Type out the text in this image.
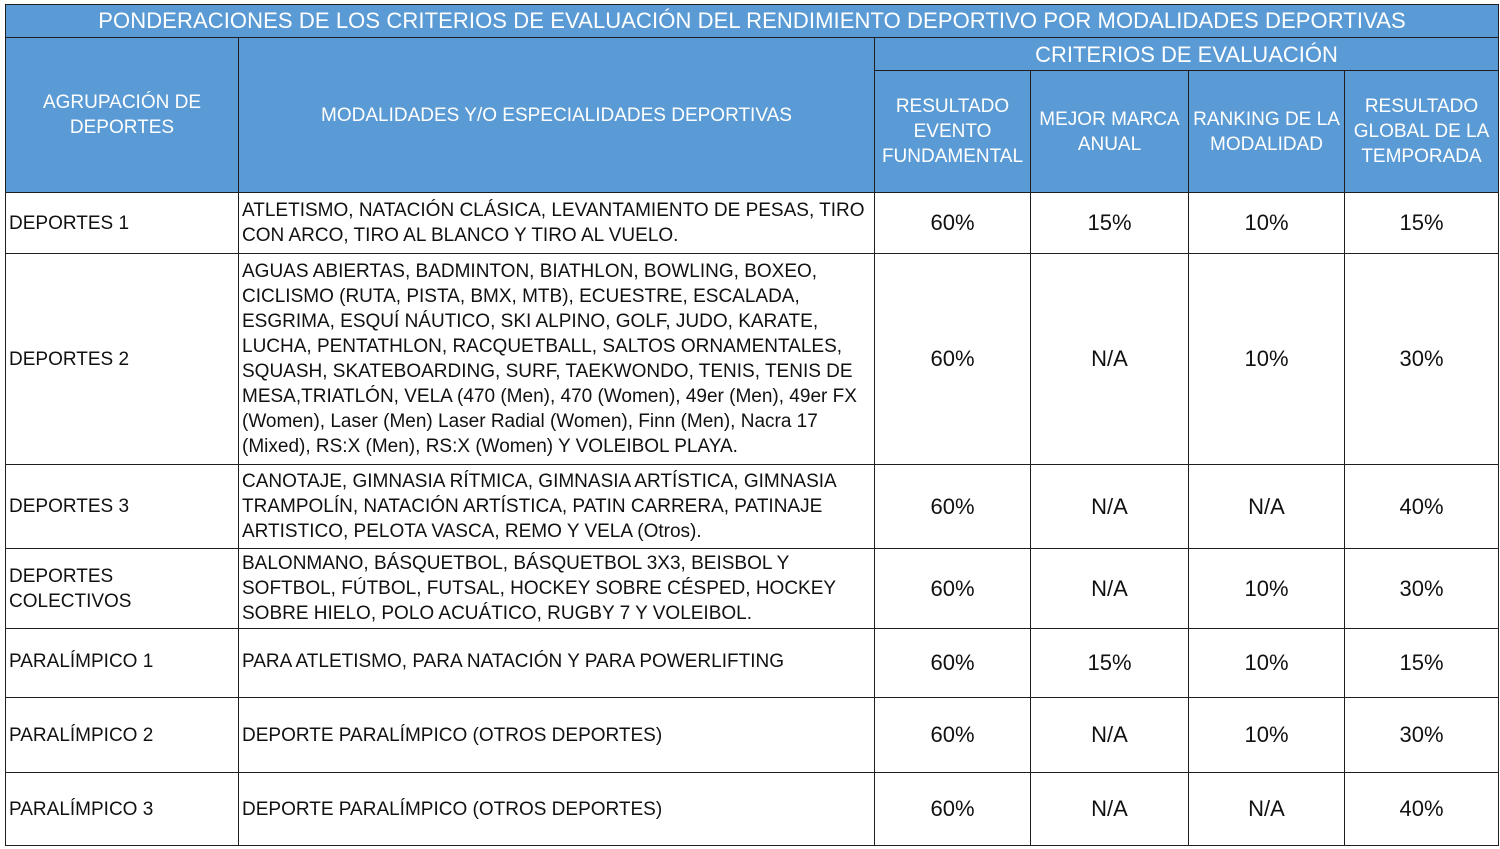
PONDERACIONES DE LOS CRITERIOS DE EVALUACIÓN DEL RENDIMIENTO DEPORTIVO POR MODALIDADES DEPORTIVAS					
AGRUPACIÓN DE DEPORTES	MODALIDADES Y/O ESPECIALIDADES DEPORTIVAS	CRITERIOS DE EVALUACIÓN			
		RESULTADO EVENTO FUNDAMENTAL	MEJOR MARCA ANUAL	RANKING DE LA MODALIDAD	RESULTADO GLOBAL DE LA TEMPORADA
DEPORTES 1	ATLETISMO, NATACIÓN CLÁSICA, LEVANTAMIENTO DE PESAS, TIRO CON ARCO, TIRO AL BLANCO Y TIRO AL VUELO.	60%	15%	10%	15%
DEPORTES 2	AGUAS ABIERTAS, BADMINTON, BIATHLON, BOWLING, BOXEO, CICLISMO (RUTA, PISTA, BMX, MTB), ECUESTRE, ESCALADA, ESGRIMA, ESQUÍ NÁUTICO, SKI ALPINO, GOLF, JUDO, KARATE, LUCHA, PENTATHLON, RACQUETBALL, SALTOS ORNAMENTALES, SQUASH, SKATEBOARDING, SURF, TAEKWONDO, TENIS, TENIS DE MESA,TRIATLÓN, VELA (470 (Men), 470 (Women), 49er (Men), 49er FX (Women), Laser (Men) Laser Radial (Women), Finn (Men), Nacra 17 (Mixed), RS:X (Men), RS:X (Women) Y VOLEIBOL PLAYA.	60%	N/A	10%	30%
DEPORTES 3	CANOTAJE, GIMNASIA RÍTMICA, GIMNASIA ARTÍSTICA, GIMNASIA TRAMPOLÍN, NATACIÓN ARTÍSTICA, PATIN CARRERA, PATINAJE ARTISTICO, PELOTA VASCA, REMO Y VELA (Otros).	60%	N/A	N/A	40%

DEPORTES COLECTIVOS	BALONMANO, BÁSQUETBOL, BÁSQUETBOL 3X3, BEISBOL Y SOFTBOL, FÚTBOL, FUTSAL, HOCKEY SOBRE CÉSPED, HOCKEY SOBRE HIELO, POLO ACUÁTICO, RUGBY 7 Y VOLEIBOL.	60%	N/A	10%	30%
PARALÍMPICO 1	PARA ATLETISMO, PARA NATACIÓN Y PARA POWERLIFTING	60%	15%	10%	15%
PARALÍMPICO 2	DEPORTE PARALÍMPICO (OTROS DEPORTES)	60%	N/A	10%	30%
PARALÍMPICO 3	DEPORTE PARALÍMPICO (OTROS DEPORTES)	60%	N/A	N/A	40%
